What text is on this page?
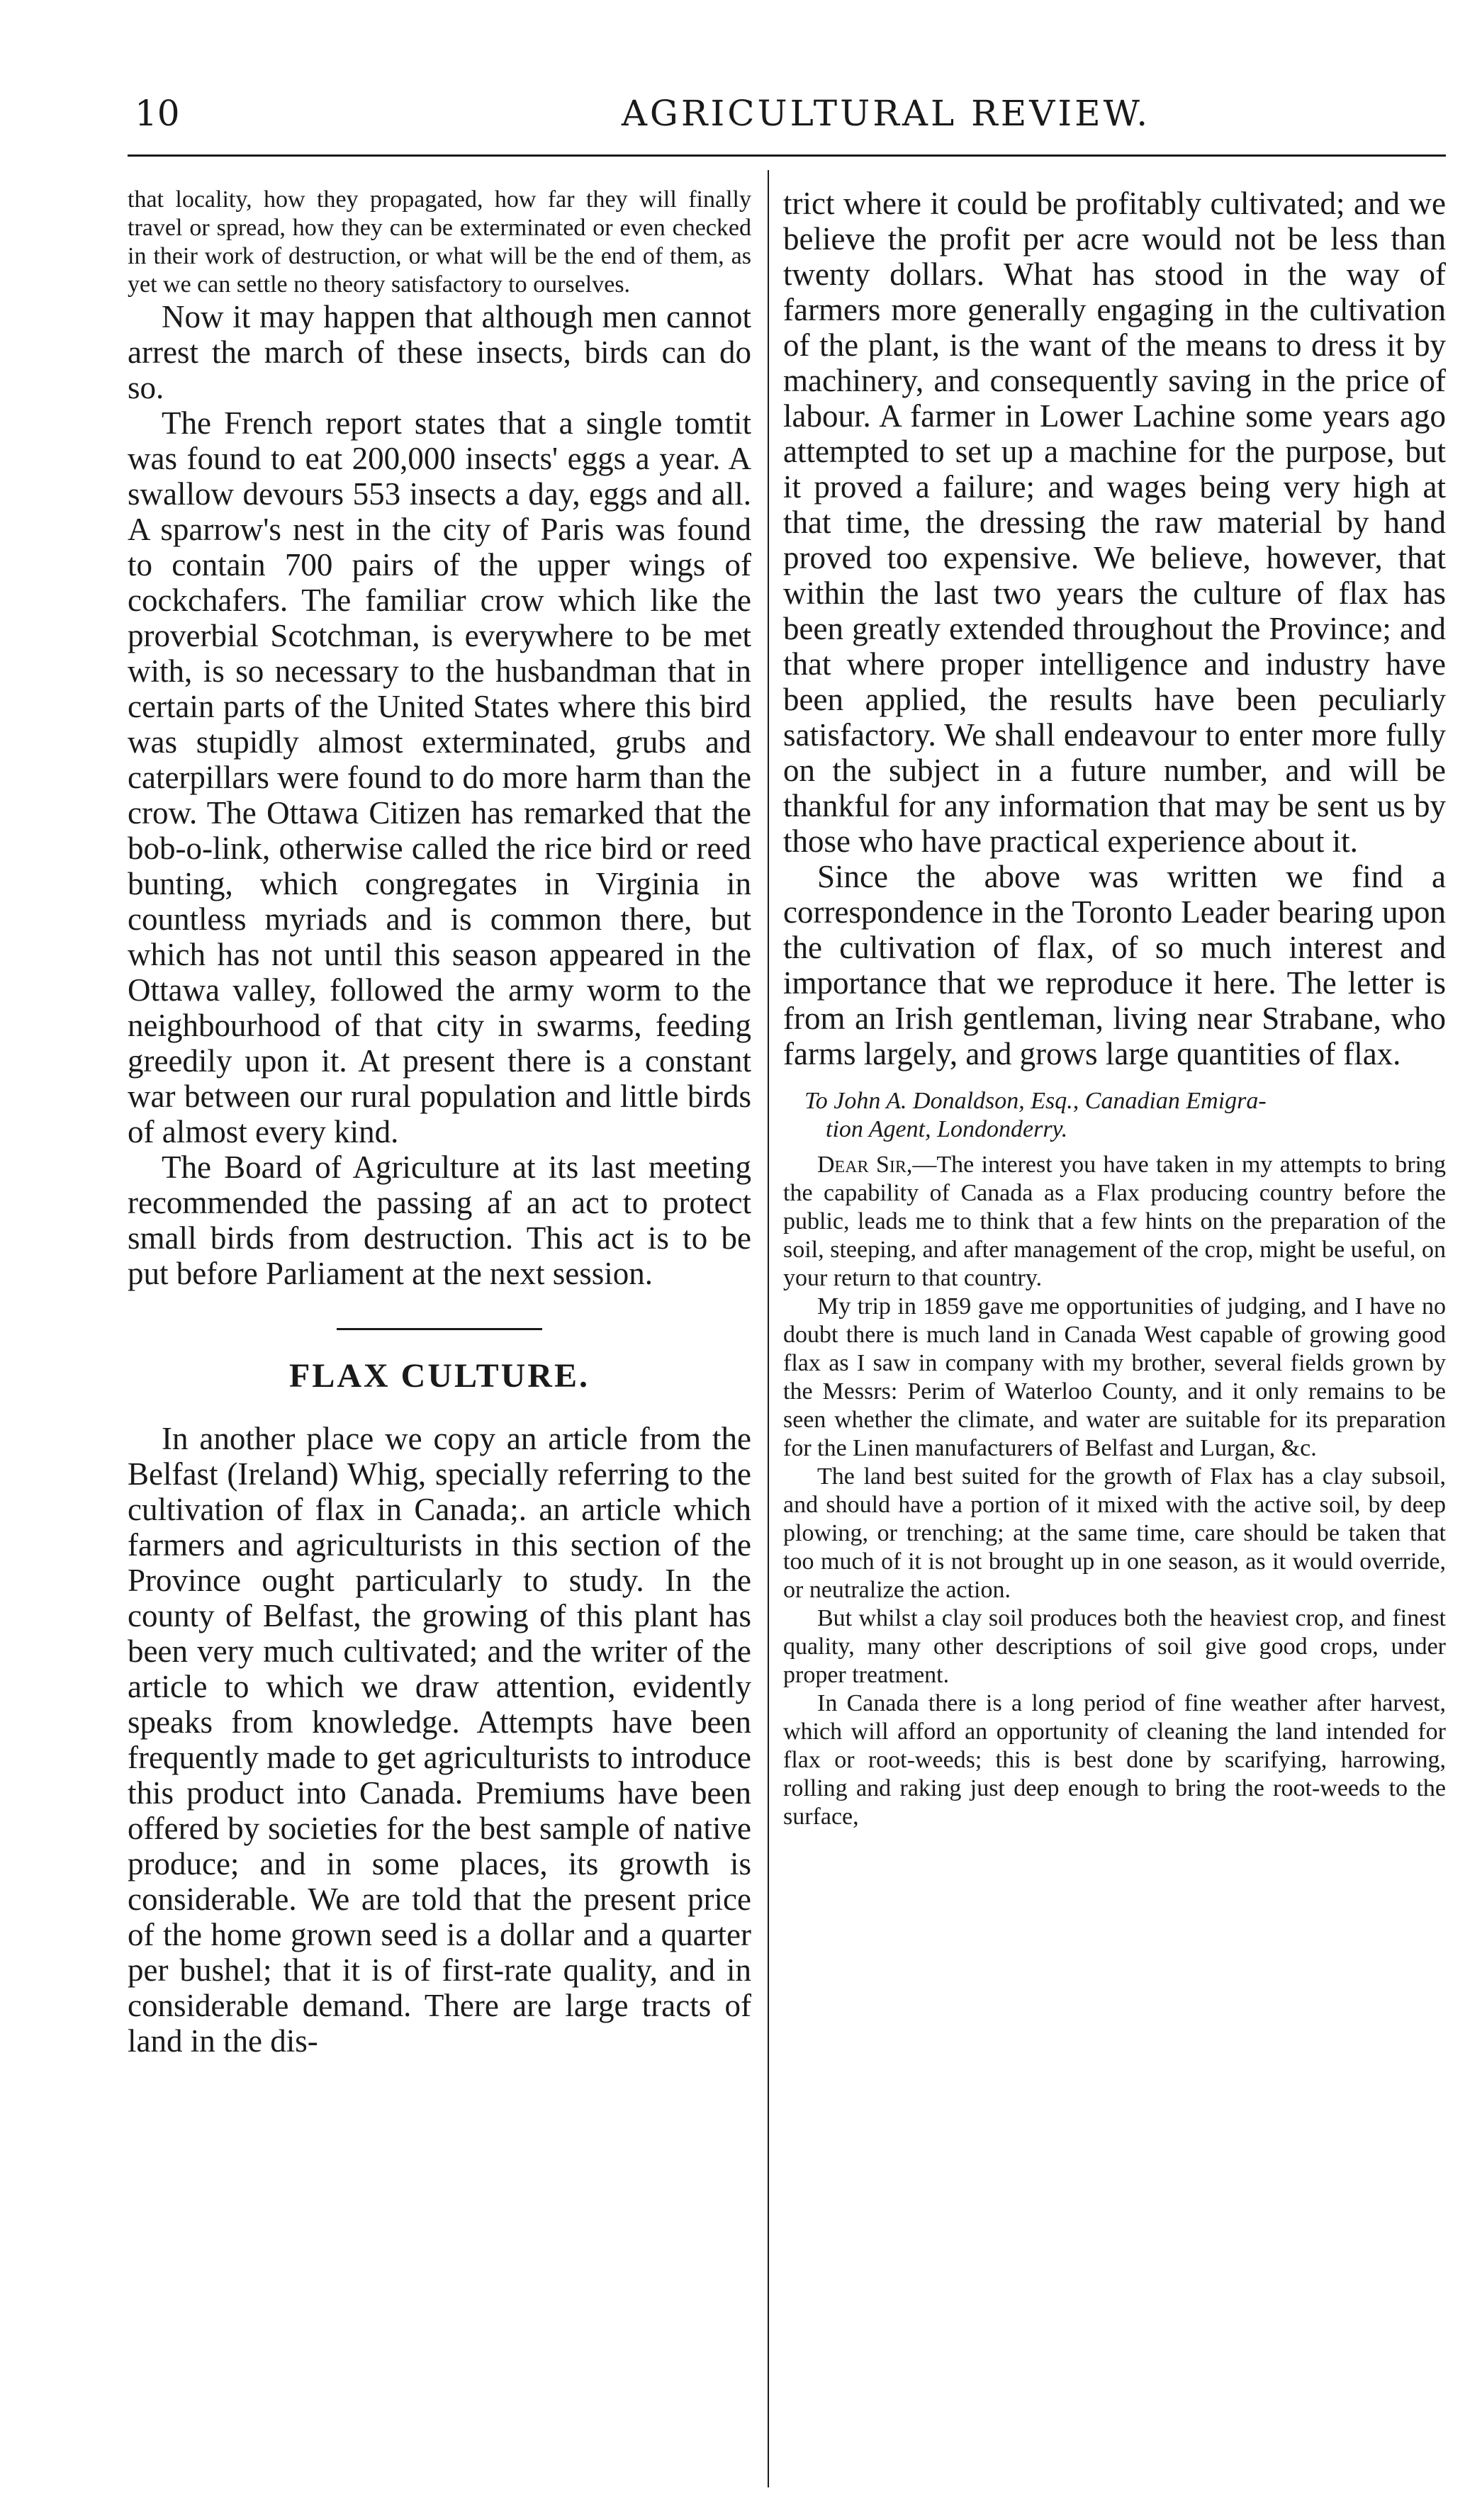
10	AGRICULTURAL REVIEW.

that locality, how they propagated, how far they will finally travel or spread, how they can be exterminated or even checked in their work of destruction, or what will be the end of them, as yet we can settle no theory satisfactory to ourselves.

Now it may happen that although men cannot arrest the march of these insects, birds can do so.

The French report states that a single tomtit was found to eat 200,000 insects' eggs a year. A swallow devours 553 insects a day, eggs and all. A sparrow's nest in the city of Paris was found to contain 700 pairs of the upper wings of cockchafers. The familiar crow which like the proverbial Scotchman, is everywhere to be met with, is so necessary to the husbandman that in certain parts of the United States where this bird was stupidly almost exterminated, grubs and caterpillars were found to do more harm than the crow. The Ottawa Citizen has remarked that the bob-o-link, otherwise called the rice bird or reed bunting, which congregates in Virginia in countless myriads and is common there, but which has not until this season appeared in the Ottawa valley, followed the army worm to the neighbourhood of that city in swarms, feeding greedily upon it. At present there is a constant war between our rural population and little birds of almost every kind.

The Board of Agriculture at its last meeting recommended the passing af an act to protect small birds from destruction. This act is to be put before Parliament at the next session.

FLAX CULTURE.

In another place we copy an article from the Belfast (Ireland) Whig, specially referring to the cultivation of flax in Canada;. an article which farmers and agriculturists in this section of the Province ought particularly to study. In the county of Belfast, the growing of this plant has been very much cultivated; and the writer of the article to which we draw attention, evidently speaks from knowledge. Attempts have been frequently made to get agriculturists to introduce this product into Canada. Premiums have been offered by societies for the best sample of native produce; and in some places, its growth is considerable. We are told that the present price of the home grown seed is a dollar and a quarter per bushel; that it is of first-rate quality, and in considerable demand. There are large tracts of land in the dis-

trict where it could be profitably cultivated; and we believe the profit per acre would not be less than twenty dollars. What has stood in the way of farmers more generally engaging in the cultivation of the plant, is the want of the means to dress it by machinery, and consequently saving in the price of labour. A farmer in Lower Lachine some years ago attempted to set up a machine for the purpose, but it proved a failure; and wages being very high at that time, the dressing the raw material by hand proved too expensive. We believe, however, that within the last two years the culture of flax has been greatly extended throughout the Province; and that where proper intelligence and industry have been applied, the results have been peculiarly satisfactory. We shall endeavour to enter more fully on the subject in a future number, and will be thankful for any information that may be sent us by those who have practical experience about it.

Since the above was written we find a correspondence in the Toronto Leader bearing upon the cultivation of flax, of so much interest and importance that we reproduce it here. The letter is from an Irish gentleman, living near Strabane, who farms largely, and grows large quantities of flax.

To John A. Donaldson, Esq., Canadian Emigra-

tion Agent, Londonderry.

Dear Sir,—The interest you have taken in my attempts to bring the capability of Canada as a Flax producing country before the public, leads me to think that a few hints on the preparation of the soil, steeping, and after management of the crop, might be useful, on your return to that country.

My trip in 1859 gave me opportunities of judging, and I have no doubt there is much land in Canada West capable of growing good flax as I saw in company with my brother, several fields grown by the Messrs: Perim of Waterloo County, and it only remains to be seen whether the climate, and water are suitable for its preparation for the Linen manufacturers of Belfast and Lurgan, &c.

The land best suited for the growth of Flax has a clay subsoil, and should have a portion of it mixed with the active soil, by deep plowing, or trenching; at the same time, care should be taken that too much of it is not brought up in one season, as it would override, or neutralize the action.

But whilst a clay soil produces both the heaviest crop, and finest quality, many other descriptions of soil give good crops, under proper treatment.

In Canada there is a long period of fine weather after harvest, which will afford an opportunity of cleaning the land intended for flax or root-weeds; this is best done by scarifying, harrowing, rolling and raking just deep enough to bring the root-weeds to the surface,
